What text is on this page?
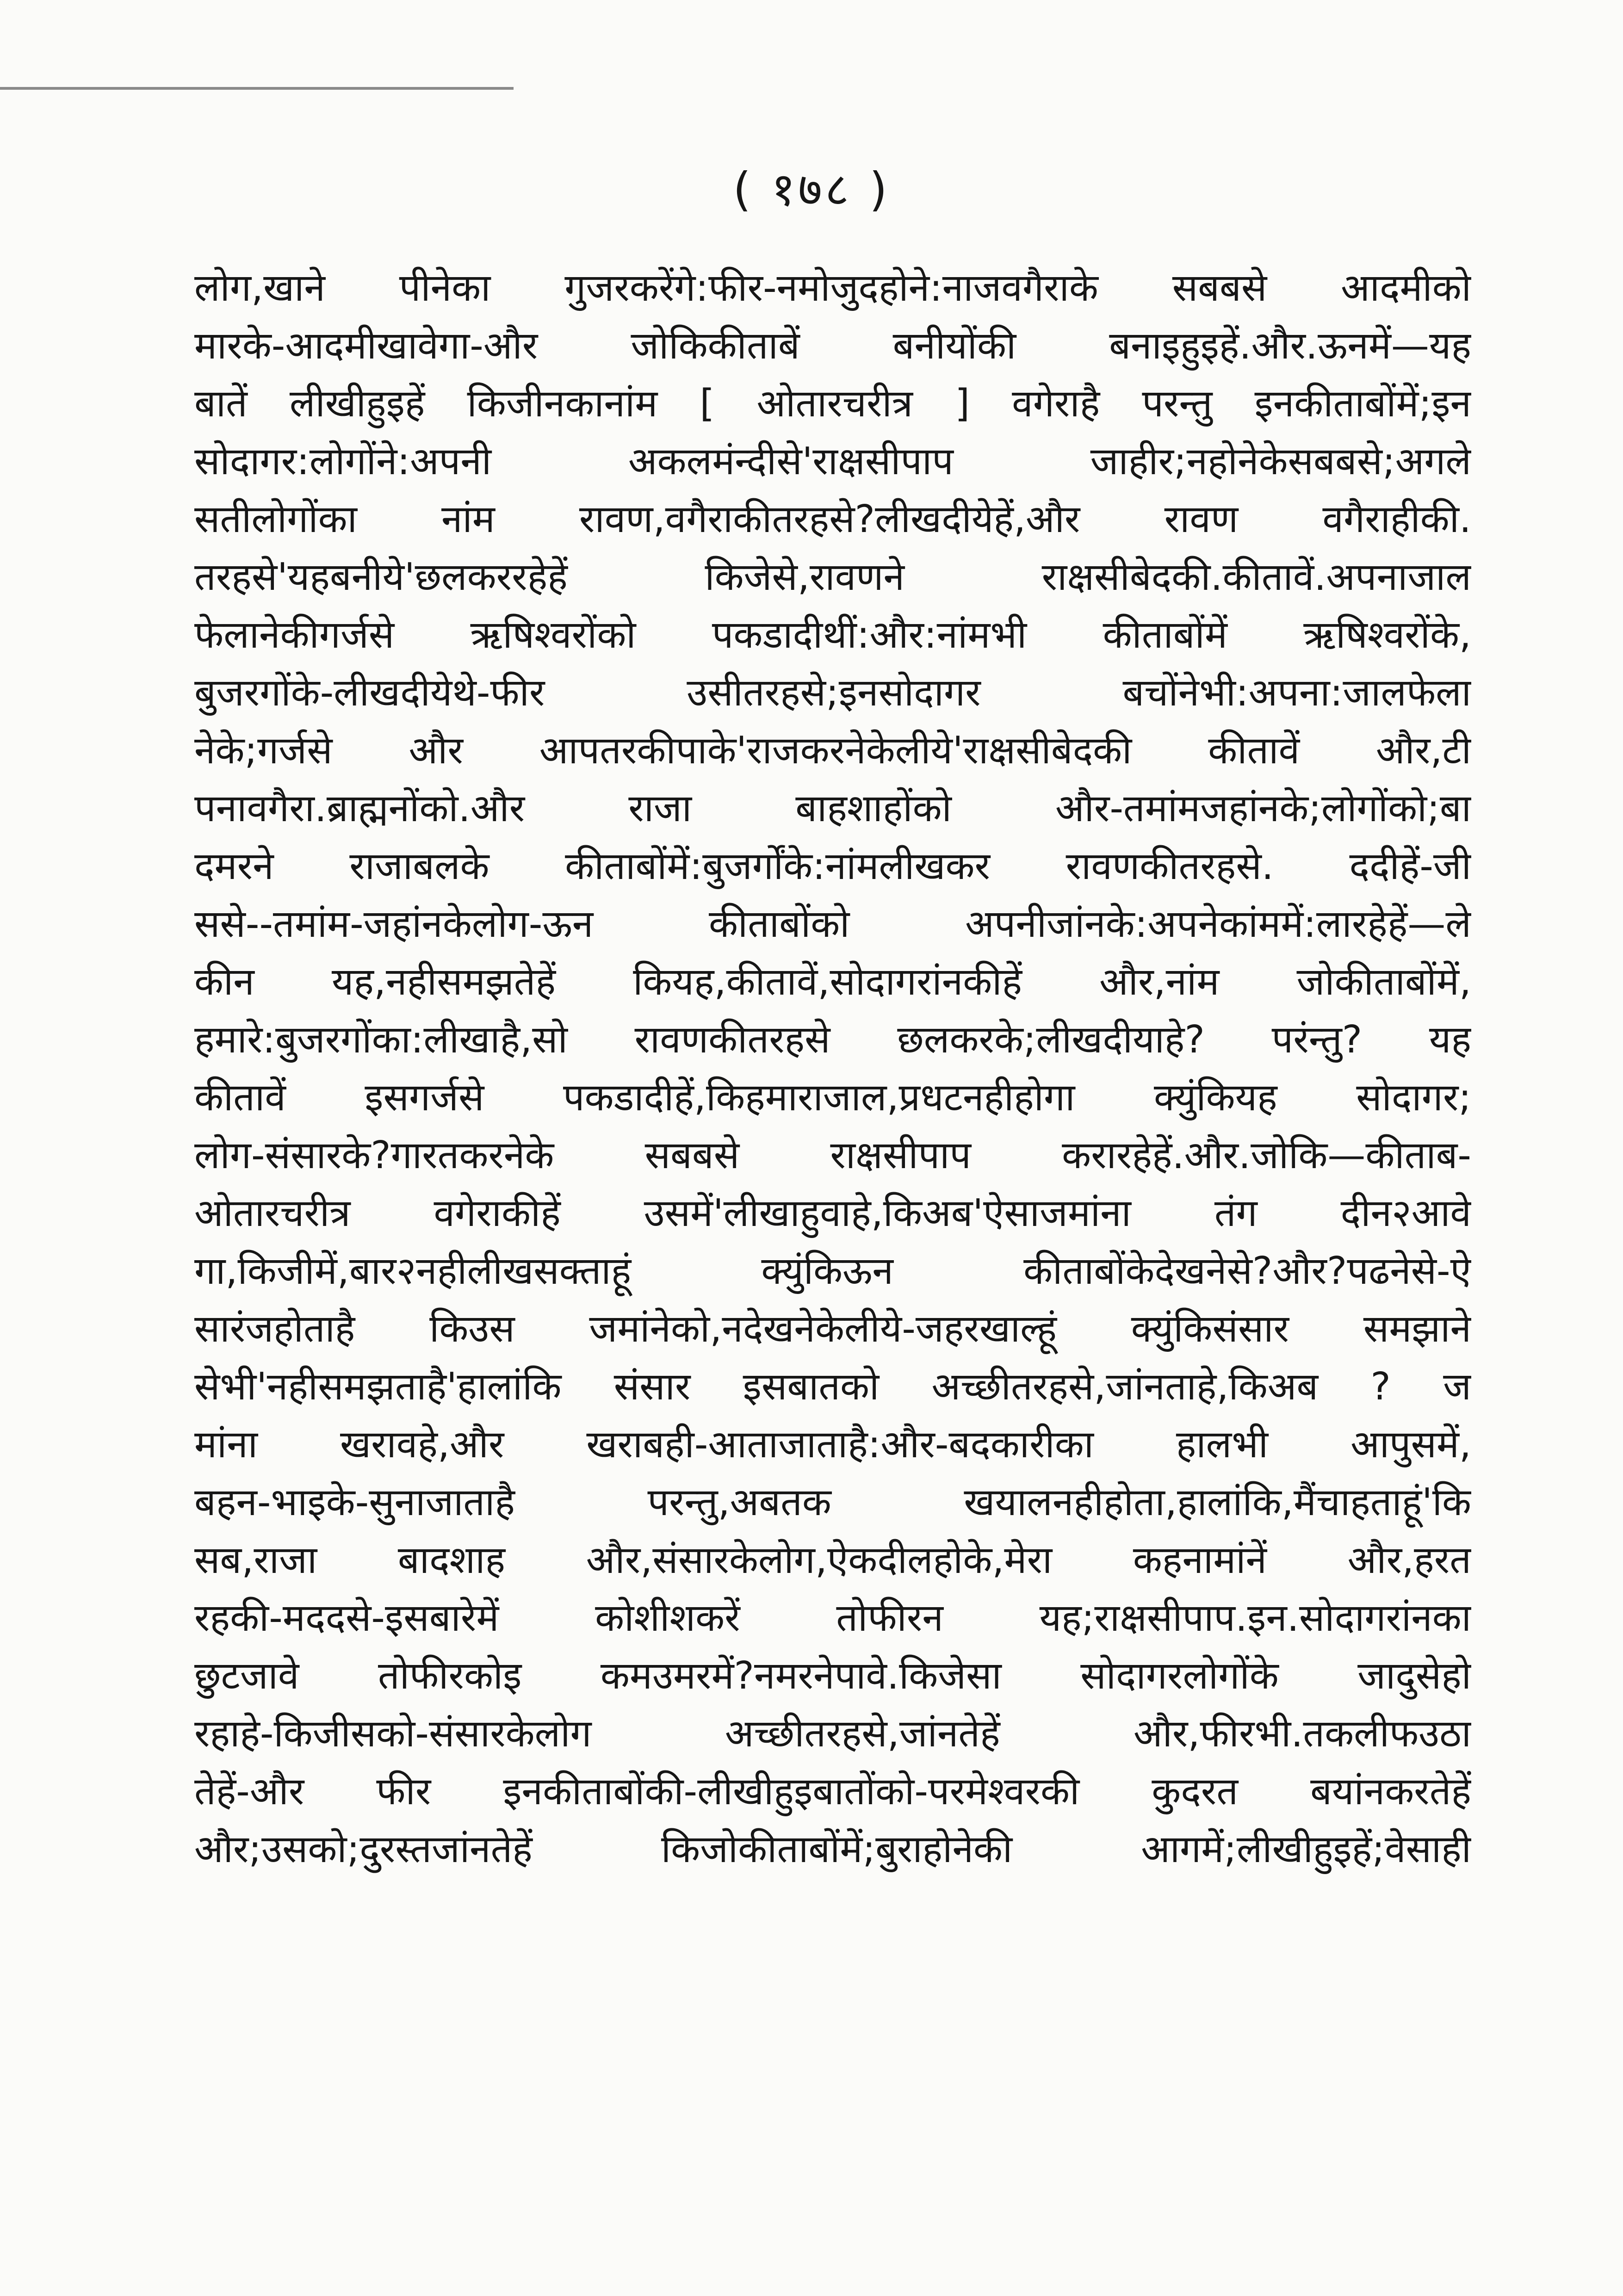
( १७८ )
लोग,खाने पीनेका गुजरकरेंगे:फीर-नमोजुदहोने:नाजवगैराके सबबसे आदमीको
मारके-आदमीखावेगा-और जोकिकीताबें बनीयोंकी बनाइहुइहें.और.ऊनमें—यह
बातें लीखीहुइहें किजीनकानांम [ ओतारचरीत्र ] वगेराहै परन्तु इनकीताबोंमें;इन
सोदागर:लोगोंने:अपनी अकलमंन्दीसे'राक्षसीपाप जाहीर;नहोनेकेसबबसे;अगले
सतीलोगोंका नांम रावण,वगैराकीतरहसे?लीखदीयेहें,और रावण वगैराहीकी.
तरहसे'यहबनीये'छलकररहेहें किजेसे,रावणने राक्षसीबेदकी.कीतावें.अपनाजाल
फेलानेकीगर्जसे ऋषिश्वरोंको पकडादीथीं:और:नांमभी कीताबोंमें ऋषिश्वरोंके,
बुजरगोंके-लीखदीयेथे-फीर उसीतरहसे;इनसोदागर बचोंनेभी:अपना:जालफेला
नेके;गर्जसे और आपतरकीपाके'राजकरनेकेलीये'राक्षसीबेदकी कीतावें और,टी
पनावगैरा.ब्राह्मनोंको.और राजा बाहशाहोंको और-तमांमजहांनके;लोगोंको;बा
दमरने राजाबलके कीताबोंमें:बुजर्गोंके:नांमलीखकर रावणकीतरहसे. ददीहें-जी
ससे--तमांम-जहांनकेलोग-ऊन कीताबोंको अपनीजांनके:अपनेकांममें:लारहेहें—ले
कीन यह,नहीसमझतेहें कियह,कीतावें,सोदागरांनकीहें और,नांम जोकीताबोंमें,
हमारे:बुजरगोंका:लीखाहै,सो रावणकीतरहसे छलकरके;लीखदीयाहे? परंन्तु? यह
कीतावें इसगर्जसे पकडादीहें,किहमाराजाल,प्रधटनहीहोगा क्युंकियह सोदागर;
लोग-संसारके?गारतकरनेके सबबसे राक्षसीपाप करारहेहें.और.जोकि—कीताब-
ओतारचरीत्र वगेराकीहें उसमें'लीखाहुवाहे,किअब'ऐसाजमांना तंग दीन२आवे
गा,किजीमें,बार२नहीलीखसक्ताहूं क्युंकिऊन कीताबोंकेदेखनेसे?और?पढनेसे-ऐ
सारंजहोताहै किउस जमांनेको,नदेखनेकेलीये-जहरखाल्हूं क्युंकिसंसार समझाने
सेभी'नहीसमझताहै'हालांकि संसार इसबातको अच्छीतरहसे,जांनताहे,किअब ? ज
मांना खरावहे,और खराबही-आताजाताहै:और-बदकारीका हालभी आपुसमें,
बहन-भाइके-सुनाजाताहै परन्तु,अबतक खयालनहीहोता,हालांकि,मैंचाहताहूं'कि
सब,राजा बादशाह और,संसारकेलोग,ऐकदीलहोके,मेरा कहनामांनें और,हरत
रहकी-मददसे-इसबारेमें कोशीशकरें तोफीरन यह;राक्षसीपाप.इन.सोदागरांनका
छुटजावे तोफीरकोइ कमउमरमें?नमरनेपावे.किजेसा सोदागरलोगोंके जादुसेहो
रहाहे-किजीसको-संसारकेलोग अच्छीतरहसे,जांनतेहें और,फीरभी.तकलीफउठा
तेहें-और फीर इनकीताबोंकी-लीखीहुइबातोंको-परमेश्वरकी कुदरत बयांनकरतेहें
और;उसको;दुरस्तजांनतेहें किजोकीताबोंमें;बुराहोनेकी आगमें;लीखीहुइहें;वेसाही
